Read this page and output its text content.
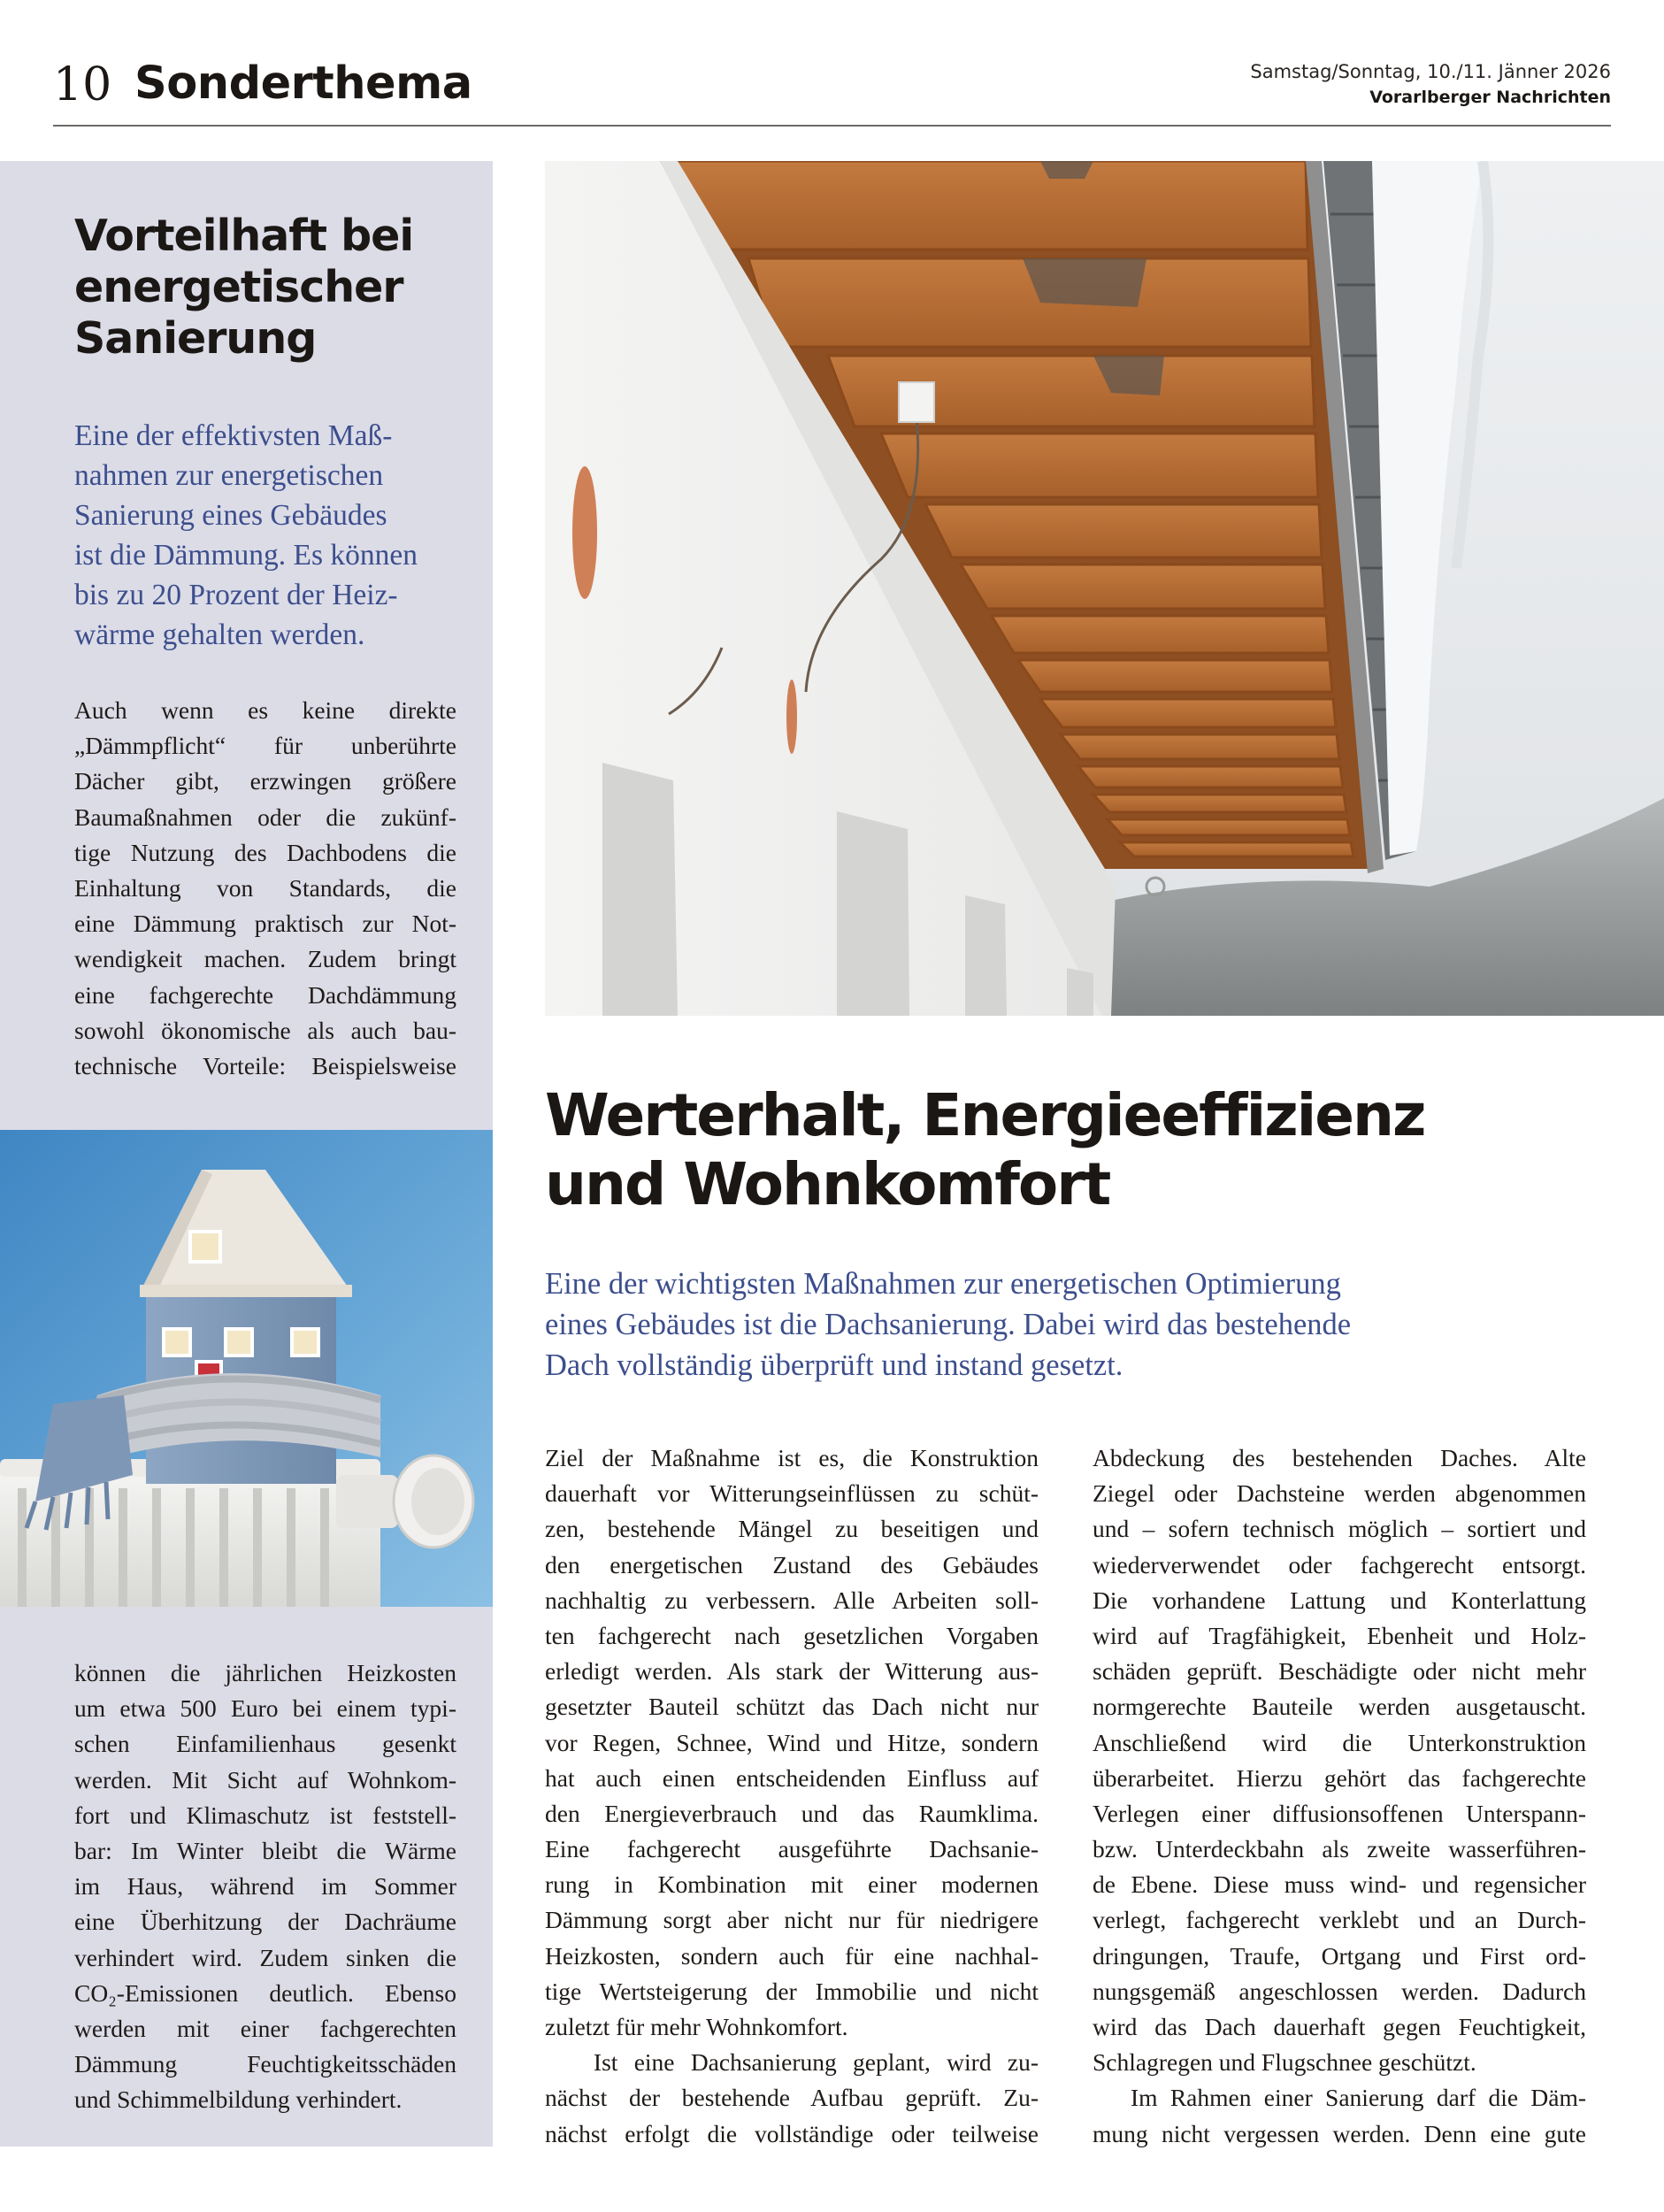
10 Sonderthema	Samstag/Sonntag, 10./11. Jänner 2026
Vorarlberger Nachrichten
Vorteilhaft bei
energetischer
Sanierung
Eine der effektivsten Maß-
nahmen zur energetischen
Sanierung eines Gebäudes
ist die Dämmung. Es können
bis zu 20 Prozent der Heiz-
wärme gehalten werden.
Auch wenn es keine direkte
„Dämmpflicht“ für unberührte
Dächer gibt, erzwingen größere
Baumaßnahmen oder die zukünf-
tige Nutzung des Dachbodens die
Einhaltung von Standards, die
eine Dämmung praktisch zur Not-
wendigkeit machen. Zudem bringt
eine fachgerechte Dachdämmung
sowohl ökonomische als auch bau-
technische Vorteile: Beispielsweise
können die jährlichen Heizkosten
um etwa 500 Euro bei einem typi-
schen Einfamilienhaus gesenkt
werden. Mit Sicht auf Wohnkom-
fort und Klimaschutz ist feststell-
bar: Im Winter bleibt die Wärme
im Haus, während im Sommer
eine Überhitzung der Dachräume
verhindert wird. Zudem sinken die
CO₂-Emissionen deutlich. Ebenso
werden mit einer fachgerechten
Dämmung Feuchtigkeitsschäden
und Schimmelbildung verhindert.
Werterhalt, Energieeffizienz
und Wohnkomfort
Eine der wichtigsten Maßnahmen zur energetischen Optimierung
eines Gebäudes ist die Dachsanierung. Dabei wird das bestehende
Dach vollständig überprüft und instand gesetzt.
Ziel der Maßnahme ist es, die Konstruktion
dauerhaft vor Witterungseinflüssen zu schüt-
zen, bestehende Mängel zu beseitigen und
den energetischen Zustand des Gebäudes
nachhaltig zu verbessern. Alle Arbeiten soll-
ten fachgerecht nach gesetzlichen Vorgaben
erledigt werden. Als stark der Witterung aus-
gesetzter Bauteil schützt das Dach nicht nur
vor Regen, Schnee, Wind und Hitze, sondern
hat auch einen entscheidenden Einfluss auf
den Energieverbrauch und das Raumklima.
Eine fachgerecht ausgeführte Dachsanie-
rung in Kombination mit einer modernen
Dämmung sorgt aber nicht nur für niedrigere
Heizkosten, sondern auch für eine nachhal-
tige Wertsteigerung der Immobilie und nicht
zuletzt für mehr Wohnkomfort.
Ist eine Dachsanierung geplant, wird zu-
nächst der bestehende Aufbau geprüft. Zu-
nächst erfolgt die vollständige oder teilweise
Abdeckung des bestehenden Daches. Alte
Ziegel oder Dachsteine werden abgenommen
und – sofern technisch möglich – sortiert und
wiederverwendet oder fachgerecht entsorgt.
Die vorhandene Lattung und Konterlattung
wird auf Tragfähigkeit, Ebenheit und Holz-
schäden geprüft. Beschädigte oder nicht mehr
normgerechte Bauteile werden ausgetauscht.
Anschließend wird die Unterkonstruktion
überarbeitet. Hierzu gehört das fachgerechte
Verlegen einer diffusionsoffenen Unterspann-
bzw. Unterdeckbahn als zweite wasserführen-
de Ebene. Diese muss wind- und regensicher
verlegt, fachgerecht verklebt und an Durch-
dringungen, Traufe, Ortgang und First ord-
nungsgemäß angeschlossen werden. Dadurch
wird das Dach dauerhaft gegen Feuchtigkeit,
Schlagregen und Flugschnee geschützt.
Im Rahmen einer Sanierung darf die Däm-
mung nicht vergessen werden. Denn eine gute
